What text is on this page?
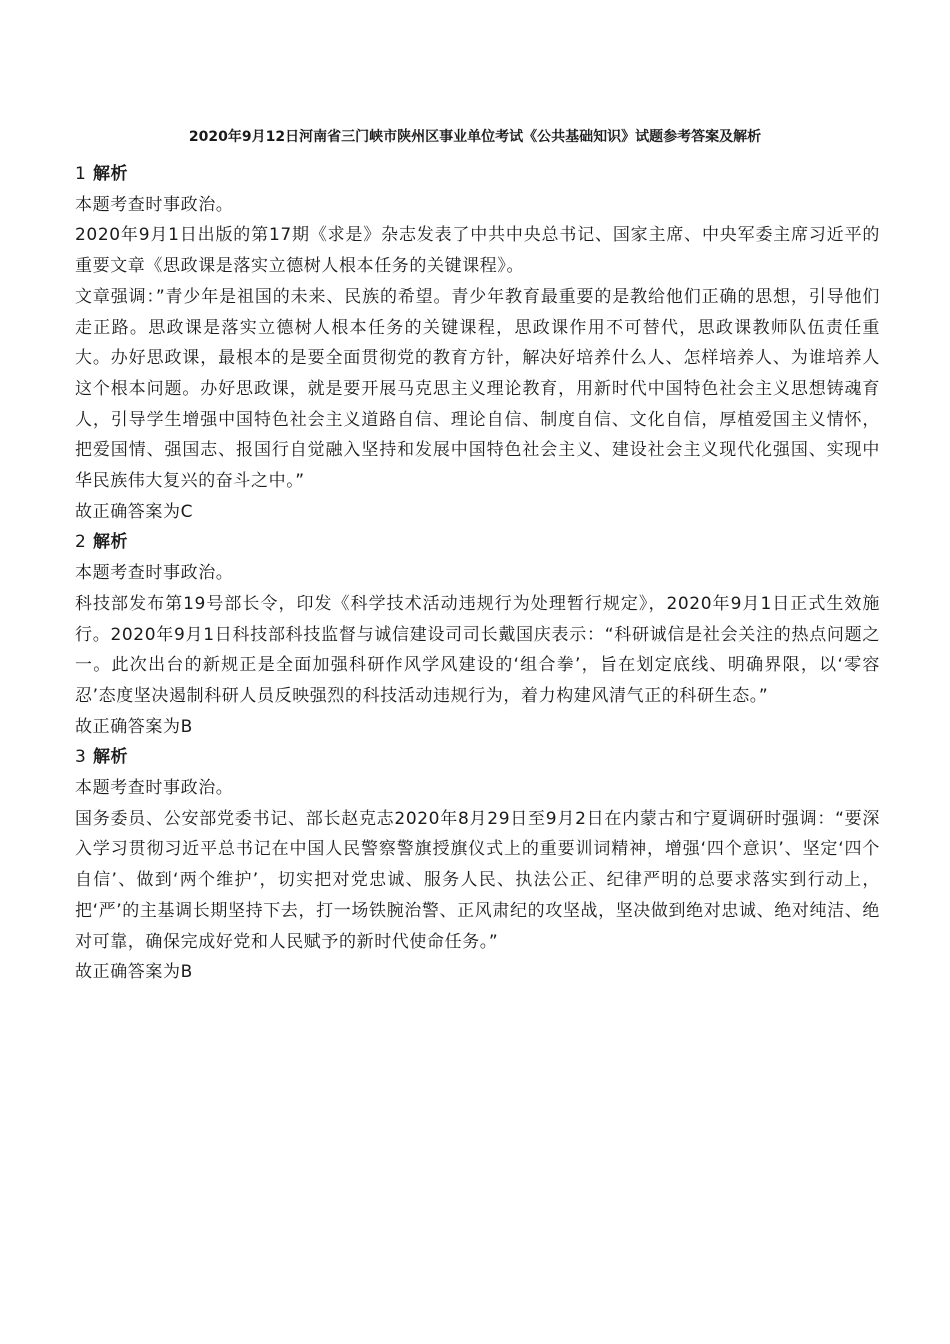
2020年9月12日河南省三门峡市陕州区事业单位考试《公共基础知识》试题参考答案及解析

1 解析

本题考查时事政治。

2020年9月1日出版的第17期《求是》杂志发表了中共中央总书记、国家主席、中央军委主席习近平的重要文章《思政课是落实立德树人根本任务的关键课程》。

文章强调：”青少年是祖国的未来、民族的希望。青少年教育最重要的是教给他们正确的思想，引导他们走正路。思政课是落实立德树人根本任务的关键课程，思政课作用不可替代，思政课教师队伍责任重大。办好思政课，最根本的是要全面贯彻党的教育方针，解决好培养什么人、怎样培养人、为谁培养人这个根本问题。办好思政课，就是要开展马克思主义理论教育，用新时代中国特色社会主义思想铸魂育人，引导学生增强中国特色社会主义道路自信、理论自信、制度自信、文化自信，厚植爱国主义情怀，把爱国情、强国志、报国行自觉融入坚持和发展中国特色社会主义、建设社会主义现代化强国、实现中华民族伟大复兴的奋斗之中。”

故正确答案为C

2 解析

本题考查时事政治。

科技部发布第19号部长令，印发《科学技术活动违规行为处理暂行规定》，2020年9月1日正式生效施行。2020年9月1日科技部科技监督与诚信建设司司长戴国庆表示：“科研诚信是社会关注的热点问题之一。此次出台的新规正是全面加强科研作风学风建设的‘组合拳’，旨在划定底线、明确界限，以‘零容忍’态度坚决遏制科研人员反映强烈的科技活动违规行为，着力构建风清气正的科研生态。”

故正确答案为B

3 解析

本题考查时事政治。

国务委员、公安部党委书记、部长赵克志2020年8月29日至9月2日在内蒙古和宁夏调研时强调：“要深入学习贯彻习近平总书记在中国人民警察警旗授旗仪式上的重要训词精神，增强‘四个意识’、坚定‘四个自信’、做到‘两个维护’，切实把对党忠诚、服务人民、执法公正、纪律严明的总要求落实到行动上，把‘严’的主基调长期坚持下去，打一场铁腕治警、正风肃纪的攻坚战，坚决做到绝对忠诚、绝对纯洁、绝对可靠，确保完成好党和人民赋予的新时代使命任务。”

故正确答案为B
